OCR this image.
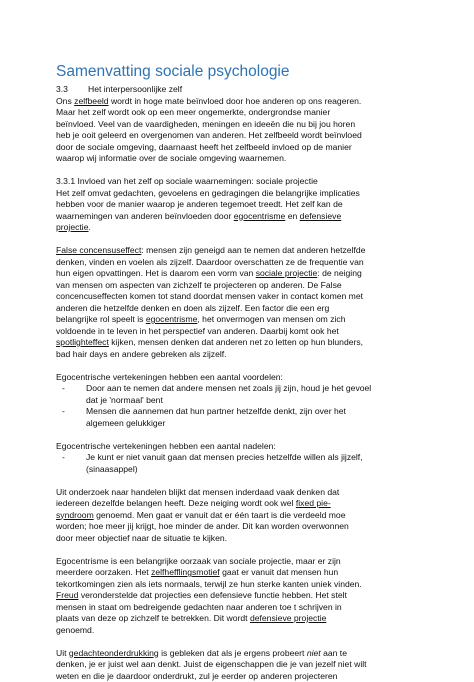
Samenvatting sociale psychologie
3.3 Het interpersoonlijke zelf
Ons zelfbeeld wordt in hoge mate beïnvloed door hoe anderen op ons reageren.
Maar het zelf wordt ook op een meer ongemerkte, ondergrondse manier
beïnvloed. Veel van de vaardigheden, meningen en ideeën die nu bij jou horen
heb je ooit geleerd en overgenomen van anderen. Het zelfbeeld wordt beïnvloed
door de sociale omgeving, daarnaast heeft het zelfbeeld invloed op de manier
waarop wij informatie over de sociale omgeving waarnemen.
3.3.1 Invloed van het zelf op sociale waarnemingen: sociale projectie
Het zelf omvat gedachten, gevoelens en gedragingen die belangrijke implicaties
hebben voor de manier waarop je anderen tegemoet treedt. Het zelf kan de
waarnemingen van anderen beïnvloeden door egocentrisme en defensieve
projectie.
False concensuseffect: mensen zijn geneigd aan te nemen dat anderen hetzelfde
denken, vinden en voelen als zijzelf. Daardoor overschatten ze de frequentie van
hun eigen opvattingen. Het is daarom een vorm van sociale projectie: de neiging
van mensen om aspecten van zichzelf te projecteren op anderen. De False
concencuseffecten komen tot stand doordat mensen vaker in contact komen met
anderen die hetzelfde denken en doen als zijzelf. Een factor die een erg
belangrijke rol speelt is egocentrisme, het onvermogen van mensen om zich
voldoende in te leven in het perspectief van anderen. Daarbij komt ook het
spotlighteffect kijken, mensen denken dat anderen net zo letten op hun blunders,
bad hair days en andere gebreken als zijzelf.
Egocentrische vertekeningen hebben een aantal voordelen:
- Door aan te nemen dat andere mensen net zoals jij zijn, houd je het gevoel
dat je 'normaal' bent
- Mensen die aannemen dat hun partner hetzelfde denkt, zijn over het
algemeen gelukkiger
Egocentrische vertekeningen hebben een aantal nadelen:
- Je kunt er niet vanuit gaan dat mensen precies hetzelfde willen als jijzelf,
(sinaasappel)
Uit onderzoek naar handelen blijkt dat mensen inderdaad vaak denken dat
iedereen dezelfde belangen heeft. Deze neiging wordt ook wel fixed pie-
syndroom genoemd. Men gaat er vanuit dat er één taart is die verdeeld moe
worden; hoe meer jij krijgt, hoe minder de ander. Dit kan worden overwonnen
door meer objectief naar de situatie te kijken.
Egocentrisme is een belangrijke oorzaak van sociale projectie, maar er zijn
meerdere oorzaken. Het zelfhefflingsmotief gaat er vanuit dat mensen hun
tekortkomingen zien als iets normaals, terwijl ze hun sterke kanten uniek vinden.
Freud veronderstelde dat projecties een defensieve functie hebben. Het stelt
mensen in staat om bedreigende gedachten naar anderen toe t schrijven in
plaats van deze op zichzelf te betrekken. Dit wordt defensieve projectie
genoemd.
Uit gedachteonderdrukking is gebleken dat als je ergens probeert niet aan te
denken, je er juist wel aan denkt. Juist de eigenschappen die je van jezelf niet wilt
weten en die je daardoor onderdrukt, zul je eerder op anderen projecteren
